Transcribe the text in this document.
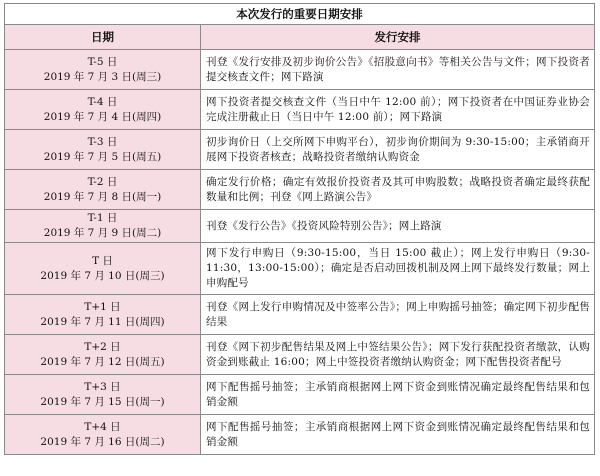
本次发行的重要日期安排	
日期	发行安排

T-5 日
2019 年 7 月 3 日(周三)	刊登《发行安排及初步询价公告》《招股意向书》等相关公告与文件；网下投资者提交核查文件；网下路演

T-4 日
2019 年 7 月 4 日(周四)	网下投资者提交核查文件（当日中午 12:00 前）；网下投资者在中国证券业协会完成注册截止日（当日中午 12:00 前）；网下路演

T-3 日
2019 年 7 月 5 日(周五)	初步询价日（上交所网下申购平台），初步询价期间为 9:30-15:00；主承销商开展网下投资者核查；战略投资者缴纳认购资金

T-2 日
2019 年 7 月 8 日(周一)	确定发行价格；确定有效报价投资者及其可申购股数；战略投资者确定最终获配数量和比例；刊登《网上路演公告》

T-1 日
2019 年 7 月 9 日(周二)	刊登《发行公告》《投资风险特别公告》；网上路演

T 日
2019 年 7 月 10 日(周三)	网下发行申购日（9:30-15:00，当日 15:00 截止）；网上发行申购日（9:30-11:30，13:00-15:00）；确定是否启动回拨机制及网上网下最终发行数量；网上申购配号

T+1 日
2019 年 7 月 11 日(周四)	刊登《网上发行申购情况及中签率公告》；网上申购摇号抽签；确定网下初步配售结果

T+2 日
2019 年 7 月 12 日(周五)	刊登《网下初步配售结果及网上中签结果公告》；网下发行获配投资者缴款，认购资金到账截止 16:00；网上中签投资者缴纳认购资金；网下配售投资者配号

T+3 日
2019 年 7 月 15 日(周一)	网下配售摇号抽签；主承销商根据网上网下资金到账情况确定最终配售结果和包销金额

T+4 日
2019 年 7 月 16 日(周二)	网下配售摇号抽签；主承销商根据网上网下资金到账情况确定最终配售结果和包销金额
